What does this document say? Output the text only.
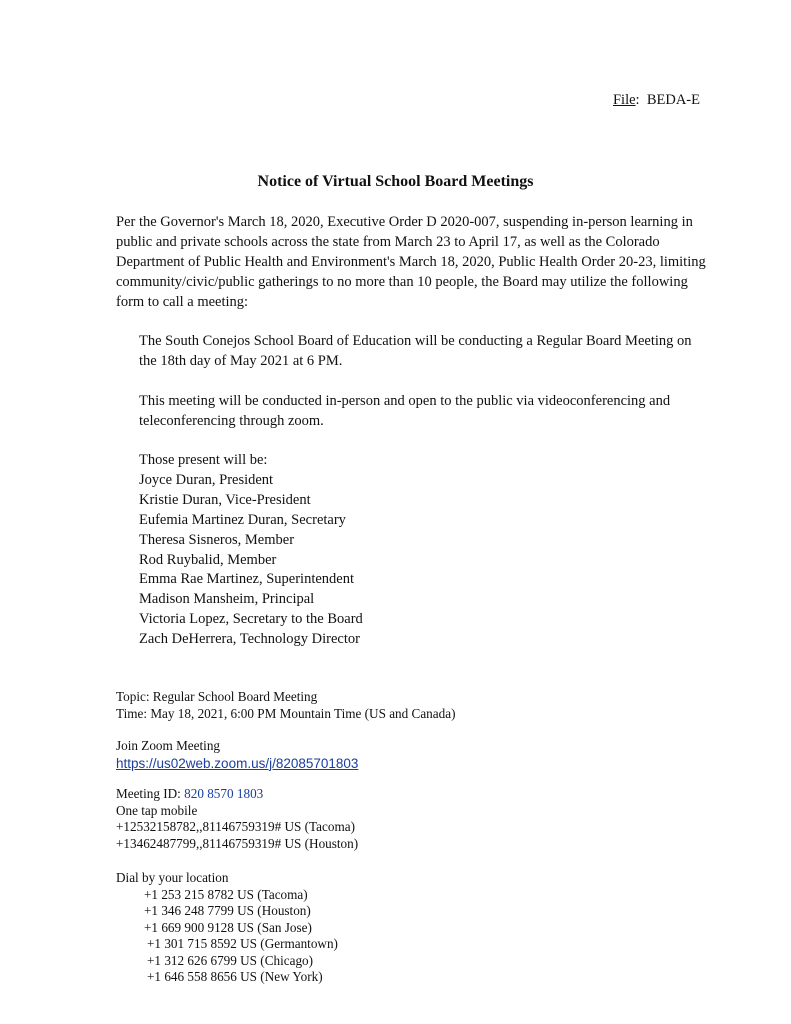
File:  BEDA-E
Notice of Virtual School Board Meetings

Per the Governor's March 18, 2020, Executive Order D 2020-007, suspending in-person learning in public and private schools across the state from March 23 to April 17, as well as the Colorado Department of Public Health and Environment's March 18, 2020, Public Health Order 20-23, limiting community/civic/public gatherings to no more than 10 people, the Board may utilize the following form to call a meeting:

The South Conejos School Board of Education will be conducting a Regular Board Meeting on the 18th day of May 2021 at 6 PM.

This meeting will be conducted in-person and open to the public via videoconferencing and teleconferencing through zoom.

Those present will be:
Joyce Duran, President
Kristie Duran, Vice-President
Eufemia Martinez Duran, Secretary
Theresa Sisneros, Member
Rod Ruybalid, Member
Emma Rae Martinez, Superintendent
Madison Mansheim, Principal
Victoria Lopez, Secretary to the Board
Zach DeHerrera, Technology Director
Topic: Regular School Board Meeting
Time: May 18, 2021, 6:00 PM Mountain Time (US and Canada)
Join Zoom Meeting
https://us02web.zoom.us/j/82085701803
Meeting ID: 820 8570 1803
One tap mobile
+12532158782,,81146759319# US (Tacoma)
+13462487799,,81146759319# US (Houston)
Dial by your location
+1 253 215 8782 US (Tacoma)
+1 346 248 7799 US (Houston)
+1 669 900 9128 US (San Jose)
+1 301 715 8592 US (Germantown)
+1 312 626 6799 US (Chicago)
+1 646 558 8656 US (New York)
